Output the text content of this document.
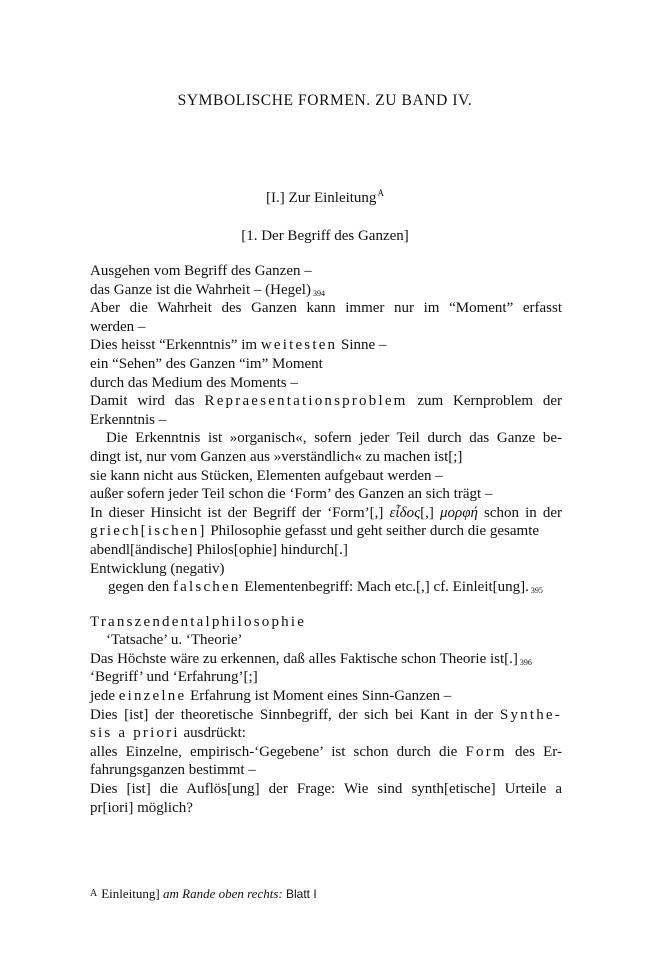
SYMBOLISCHE FORMEN. ZU BAND IV.
[I.] Zur Einleitung$^A$
[1. Der Begriff des Ganzen]
Ausgehen vom Begriff des Ganzen –
das Ganze ist die Wahrheit – (Hegel) 394
Aber die Wahrheit des Ganzen kann immer nur im “Moment” erfasst
werden –
Dies heisst “Erkenntnis” im weitesten Sinne –
ein “Sehen” des Ganzen “im” Moment
durch das Medium des Moments –
Damit wird das Repraesentationsproblem zum Kernproblem der
Erkenntnis –
Die Erkenntnis ist »organisch«, sofern jeder Teil durch das Ganze be-
dingt ist, nur vom Ganzen aus »verständlich« zu machen ist[;]
sie kann nicht aus Stücken, Elementen aufgebaut werden –
außer sofern jeder Teil schon die ‘Form’ des Ganzen an sich trägt –
In dieser Hinsicht ist der Begriff der ‘Form’[,] εἶδος[,] μορφή schon in der
griech[ischen] Philosophie gefasst und geht seither durch die gesamte
abendl[ändische] Philos[ophie] hindurch[.]
Entwicklung (negativ)
gegen den falschen Elementenbegriff: Mach etc.[,] cf. Einleit[ung]. 395
Transzendentalphilosophie
‘Tatsache’ u. ‘Theorie’
Das Höchste wäre zu erkennen, daß alles Faktische schon Theorie ist[.] 396
‘Begriff’ und ‘Erfahrung’[;]
jede einzelne Erfahrung ist Moment eines Sinn-Ganzen –
Dies [ist] der theoretische Sinnbegriff, der sich bei Kant in der Synthe-
sis a priori ausdrückt:
alles Einzelne, empirisch-‘Gegebene’ ist schon durch die Form des Er-
fahrungsganzen bestimmt –
Dies [ist] die Auflös[ung] der Frage: Wie sind synth[etische] Urteile a
pr[iori] möglich?
A Einleitung] am Rande oben rechts: Blatt I
